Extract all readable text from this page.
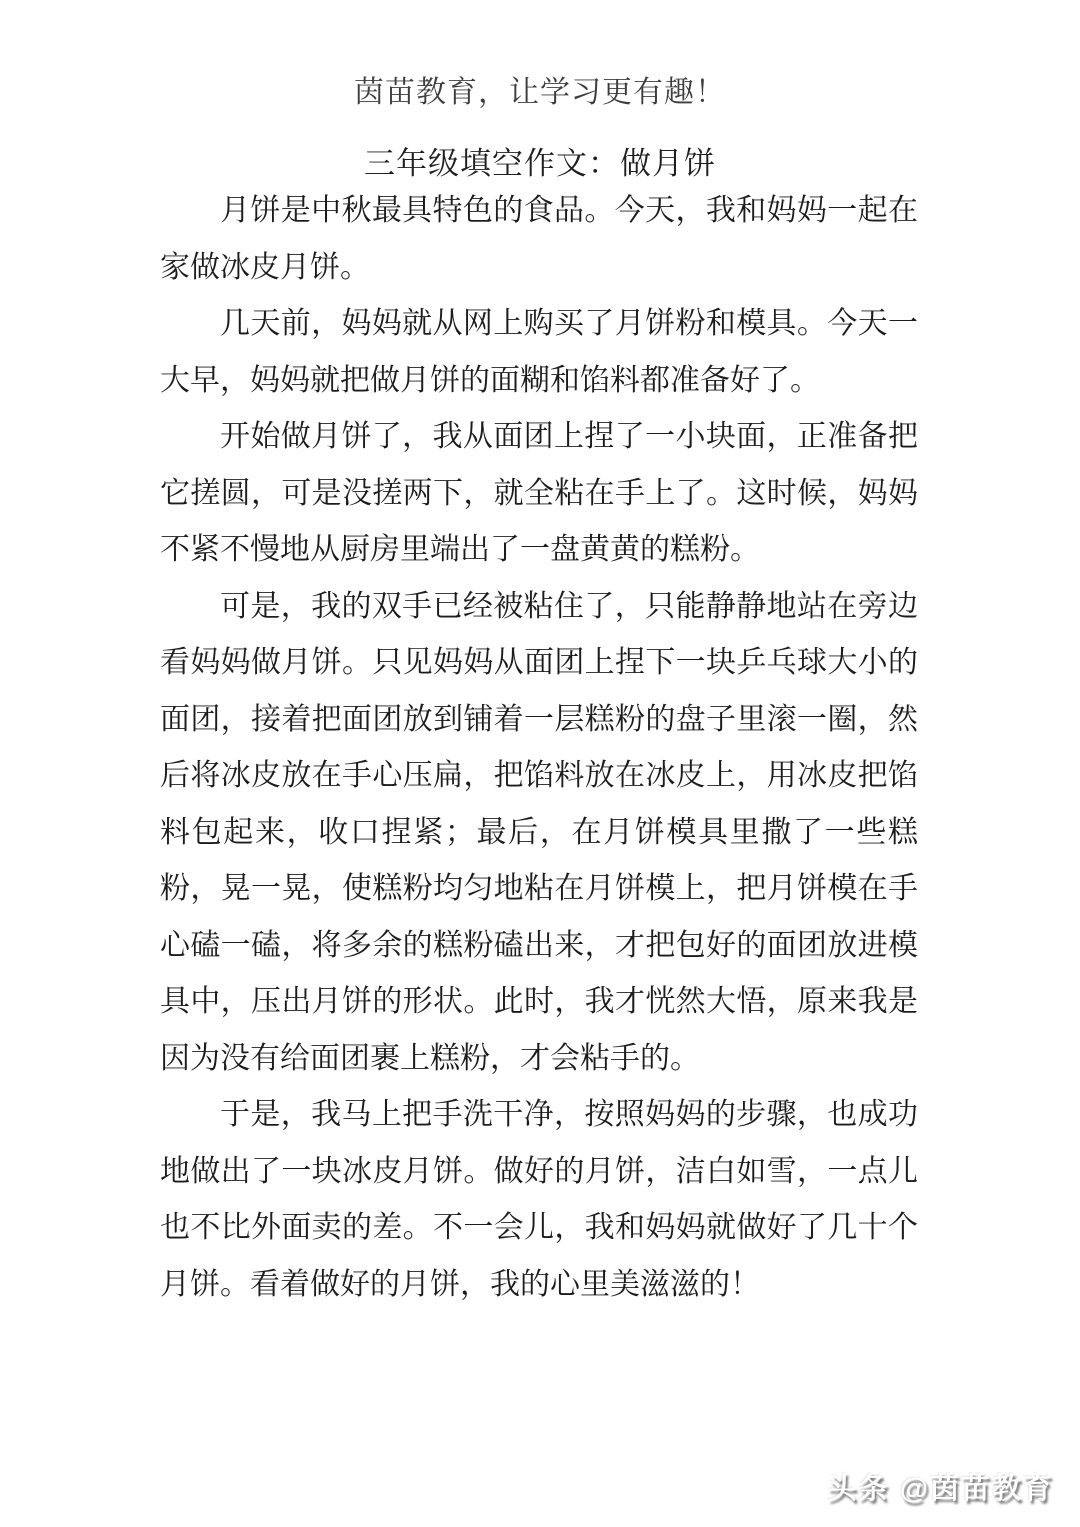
茵苗教育，让学习更有趣！
三年级填空作文：做月饼

月饼是中秋最具特色的食品。今天，我和妈妈一起在家做冰皮月饼。

几天前，妈妈就从网上购买了月饼粉和模具。今天一大早，妈妈就把做月饼的面糊和馅料都准备好了。

开始做月饼了，我从面团上捏了一小块面，正准备把它搓圆，可是没搓两下，就全粘在手上了。这时候，妈妈不紧不慢地从厨房里端出了一盘黄黄的糕粉。

可是，我的双手已经被粘住了，只能静静地站在旁边看妈妈做月饼。只见妈妈从面团上捏下一块乒乓球大小的面团，接着把面团放到铺着一层糕粉的盘子里滚一圈，然后将冰皮放在手心压扁，把馅料放在冰皮上，用冰皮把馅料包起来，收口捏紧；最后，在月饼模具里撒了一些糕粉，晃一晃，使糕粉均匀地粘在月饼模上，把月饼模在手心磕一磕，将多余的糕粉磕出来，才把包好的面团放进模具中，压出月饼的形状。此时，我才恍然大悟，原来我是因为没有给面团裹上糕粉，才会粘手的。

于是，我马上把手洗干净，按照妈妈的步骤，也成功地做出了一块冰皮月饼。做好的月饼，洁白如雪，一点儿也不比外面卖的差。不一会儿，我和妈妈就做好了几十个月饼。看着做好的月饼，我的心里美滋滋的！

头条 @茵苗教育
